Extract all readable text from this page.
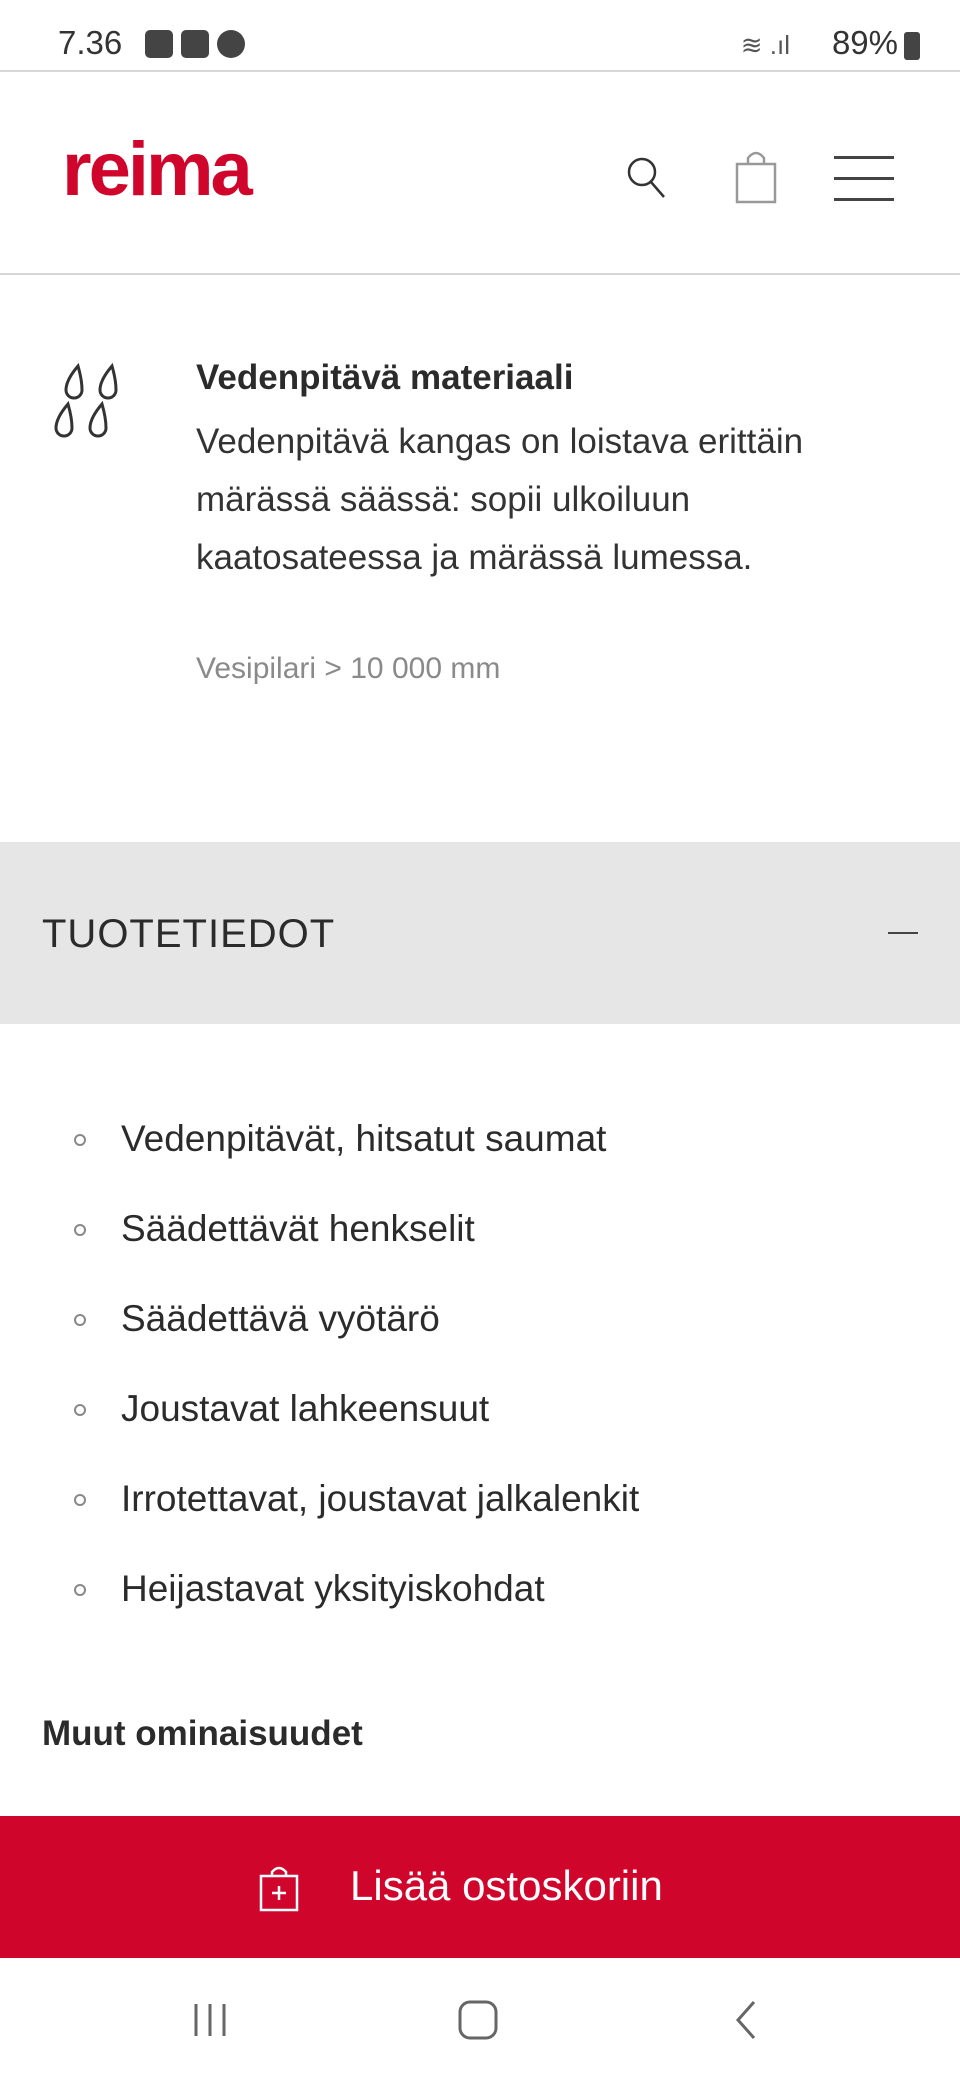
7.36	≋ .ıl 89%
reima
Vedenpitävä materiaali
Vedenpitävä kangas on loistava erittäin märässä säässä: sopii ulkoiluun kaatosateessa ja märässä lumessa.
Vesipilari > 10 000 mm
TUOTETIEDOT
Vedenpitävät, hitsatut saumat
Säädettävät henkselit
Säädettävä vyötärö
Joustavat lahkeensuut
Irrotettavat, joustavat jalkalenkit
Heijastavat yksityiskohdat
Muut ominaisuudet
Lisää ostoskoriin
